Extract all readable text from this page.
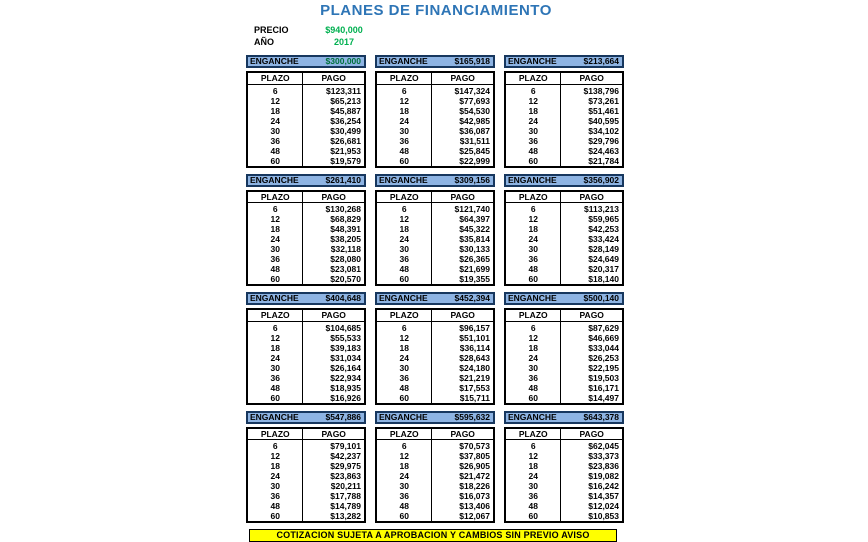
PLANES DE FINANCIAMIENTO
PRECIO	$940,000
AÑO	2017
ENGANCHE	$300,000
PLAZO	PAGO
6	$123,311
12	$65,213
18	$45,887
24	$36,254
30	$30,499
36	$26,681
48	$21,953
60	$19,579
ENGANCHE	$165,918
PLAZO	PAGO
6	$147,324
12	$77,693
18	$54,530
24	$42,985
30	$36,087
36	$31,511
48	$25,845
60	$22,999
ENGANCHE	$213,664
PLAZO	PAGO
6	$138,796
12	$73,261
18	$51,461
24	$40,595
30	$34,102
36	$29,796
48	$24,463
60	$21,784
ENGANCHE	$261,410
PLAZO	PAGO
6	$130,268
12	$68,829
18	$48,391
24	$38,205
30	$32,118
36	$28,080
48	$23,081
60	$20,570
ENGANCHE	$309,156
PLAZO	PAGO
6	$121,740
12	$64,397
18	$45,322
24	$35,814
30	$30,133
36	$26,365
48	$21,699
60	$19,355
ENGANCHE	$356,902
PLAZO	PAGO
6	$113,213
12	$59,965
18	$42,253
24	$33,424
30	$28,149
36	$24,649
48	$20,317
60	$18,140
ENGANCHE	$404,648
PLAZO	PAGO
6	$104,685
12	$55,533
18	$39,183
24	$31,034
30	$26,164
36	$22,934
48	$18,935
60	$16,926
ENGANCHE	$452,394
PLAZO	PAGO
6	$96,157
12	$51,101
18	$36,114
24	$28,643
30	$24,180
36	$21,219
48	$17,553
60	$15,711
ENGANCHE	$500,140
PLAZO	PAGO
6	$87,629
12	$46,669
18	$33,044
24	$26,253
30	$22,195
36	$19,503
48	$16,171
60	$14,497
ENGANCHE	$547,886
PLAZO	PAGO
6	$79,101
12	$42,237
18	$29,975
24	$23,863
30	$20,211
36	$17,788
48	$14,789
60	$13,282
ENGANCHE	$595,632
PLAZO	PAGO
6	$70,573
12	$37,805
18	$26,905
24	$21,472
30	$18,226
36	$16,073
48	$13,406
60	$12,067
ENGANCHE	$643,378
PLAZO	PAGO
6	$62,045
12	$33,373
18	$23,836
24	$19,082
30	$16,242
36	$14,357
48	$12,024
60	$10,853
COTIZACION SUJETA A APROBACION Y CAMBIOS SIN PREVIO AVISO
